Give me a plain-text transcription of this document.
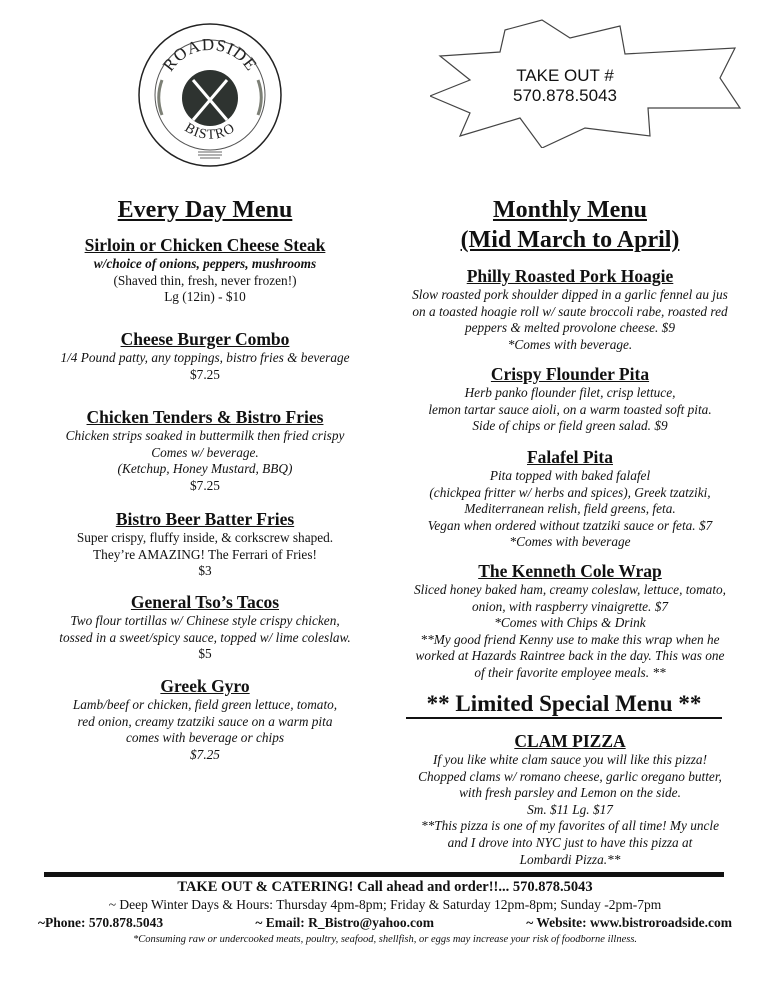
ROADSIDE
BISTRO
TAKE OUT #
570.878.5043
Every Day Menu	Monthly Menu
(Mid March to April)
Sirloin or Chicken Cheese Steak
w/choice of onions, peppers, mushrooms
(Shaved thin, fresh, never frozen!)
Lg (12in) - $10
Cheese Burger Combo
1/4 Pound patty, any toppings, bistro fries & beverage
$7.25
Chicken Tenders & Bistro Fries
Chicken strips soaked in buttermilk then fried crispy
Comes w/ beverage.
(Ketchup, Honey Mustard, BBQ)
$7.25
Bistro Beer Batter Fries
Super crispy, fluffy inside, & corkscrew shaped.
They’re AMAZING! The Ferrari of Fries!
$3
General Tso’s Tacos
Two flour tortillas w/ Chinese style crispy chicken,
tossed in a sweet/spicy sauce, topped w/ lime coleslaw.
$5
Greek Gyro
Lamb/beef or chicken, field green lettuce, tomato,
red onion, creamy tzatziki sauce on a warm pita
comes with beverage or chips
$7.25
Philly Roasted Pork Hoagie
Slow roasted pork shoulder dipped in a garlic fennel au jus
on a toasted hoagie roll w/ saute broccoli rabe, roasted red
peppers & melted provolone cheese. $9
*Comes with beverage.
Crispy Flounder Pita
Herb panko flounder filet, crisp lettuce,
lemon tartar sauce aioli, on a warm toasted soft pita.
Side of chips or field green salad. $9
Falafel Pita
Pita topped with baked falafel
(chickpea fritter w/ herbs and spices), Greek tzatziki,
Mediterranean relish, field greens, feta.
Vegan when ordered without tzatziki sauce or feta. $7
*Comes with beverage
The Kenneth Cole Wrap
Sliced honey baked ham, creamy coleslaw, lettuce, tomato,
onion, with raspberry vinaigrette. $7
*Comes with Chips & Drink
**My good friend Kenny use to make this wrap when he
worked at Hazards Raintree back in the day. This was one
of their favorite employee meals. **
CLAM PIZZA
If you like white clam sauce you will like this pizza!
Chopped clams w/ romano cheese, garlic oregano butter,
with fresh parsley and Lemon on the side.
Sm. $11 Lg. $17
**This pizza is one of my favorites of all time! My uncle
and I drove into NYC just to have this pizza at
Lombardi Pizza.**
** Limited Special Menu **
TAKE OUT & CATERING! Call ahead and order!!... 570.878.5043
~ Deep Winter Days & Hours: Thursday 4pm-8pm; Friday & Saturday 12pm-8pm; Sunday -2pm-7pm
~Phone: 570.878.5043	~ Email: R_Bistro@yahoo.com	~ Website: www.bistroroadside.com
*Consuming raw or undercooked meats, poultry, seafood, shellfish, or eggs may increase your risk of foodborne illness.
